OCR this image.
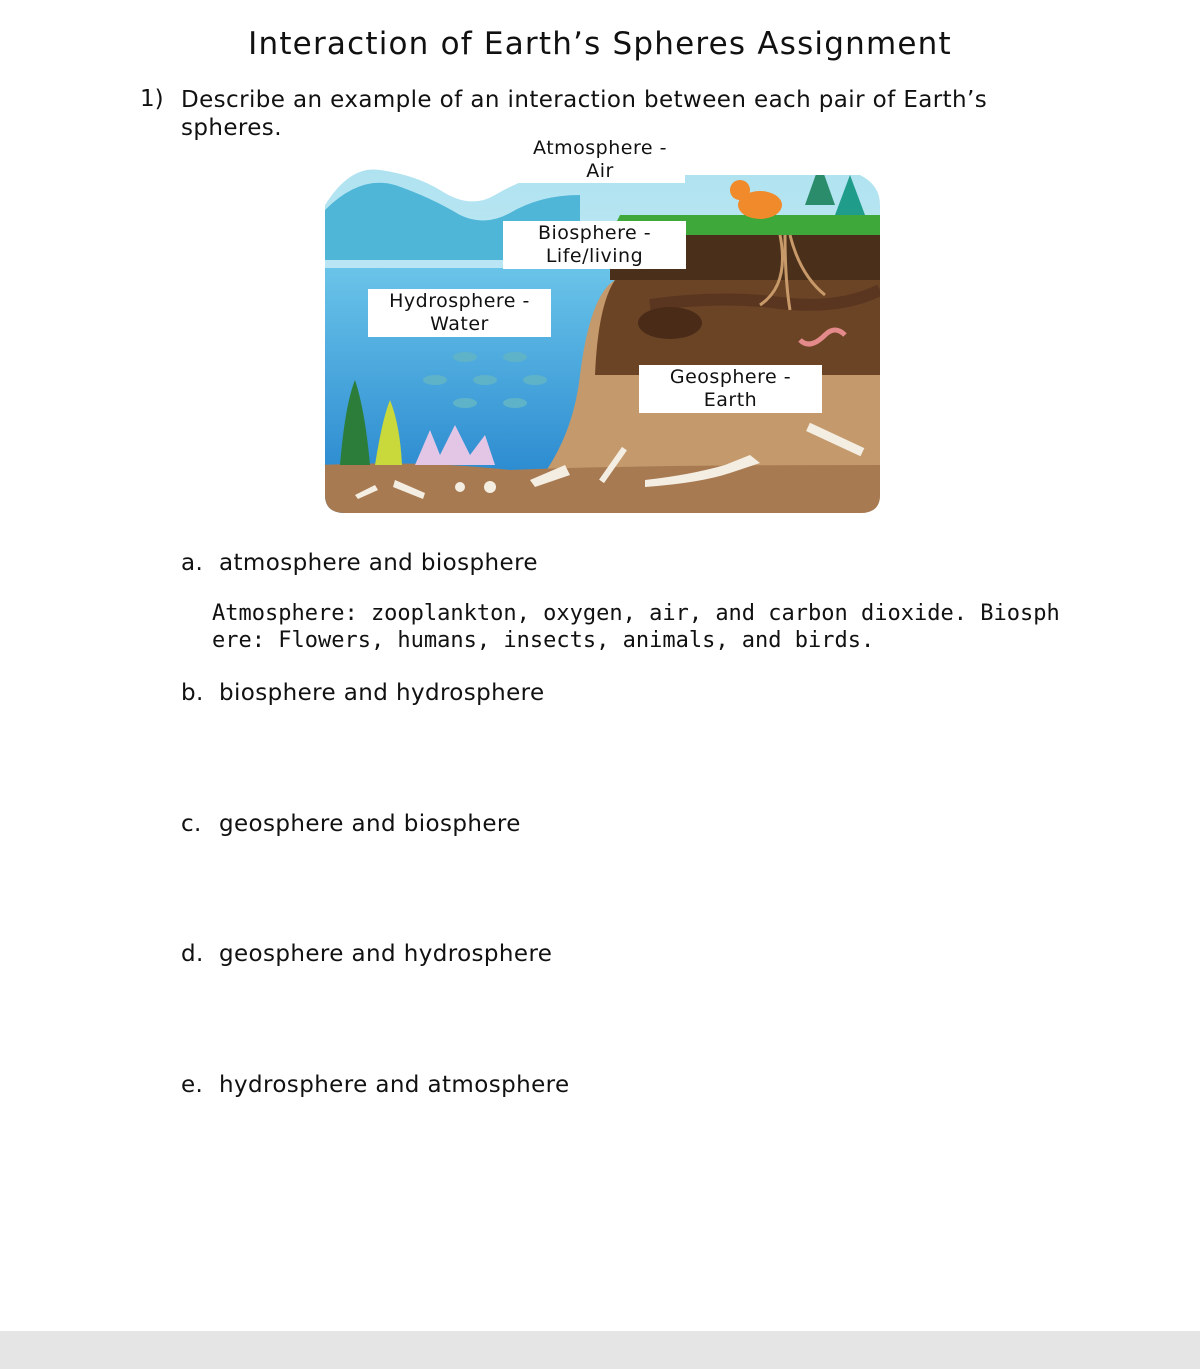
Interaction of Earth’s Spheres Assignment
1) Describe an example of an interaction between each pair of Earth’s spheres.
Atmosphere -
Air
Biosphere -
Life/living
Hydrosphere -
Water
Geosphere -
Earth
a. atmosphere and biosphere
Atmosphere: zooplankton, oxygen, air, and carbon dioxide. Biosphere: Flowers, humans, insects, animals, and birds.
b. biosphere and hydrosphere
c. geosphere and biosphere
d. geosphere and hydrosphere
e. hydrosphere and atmosphere
